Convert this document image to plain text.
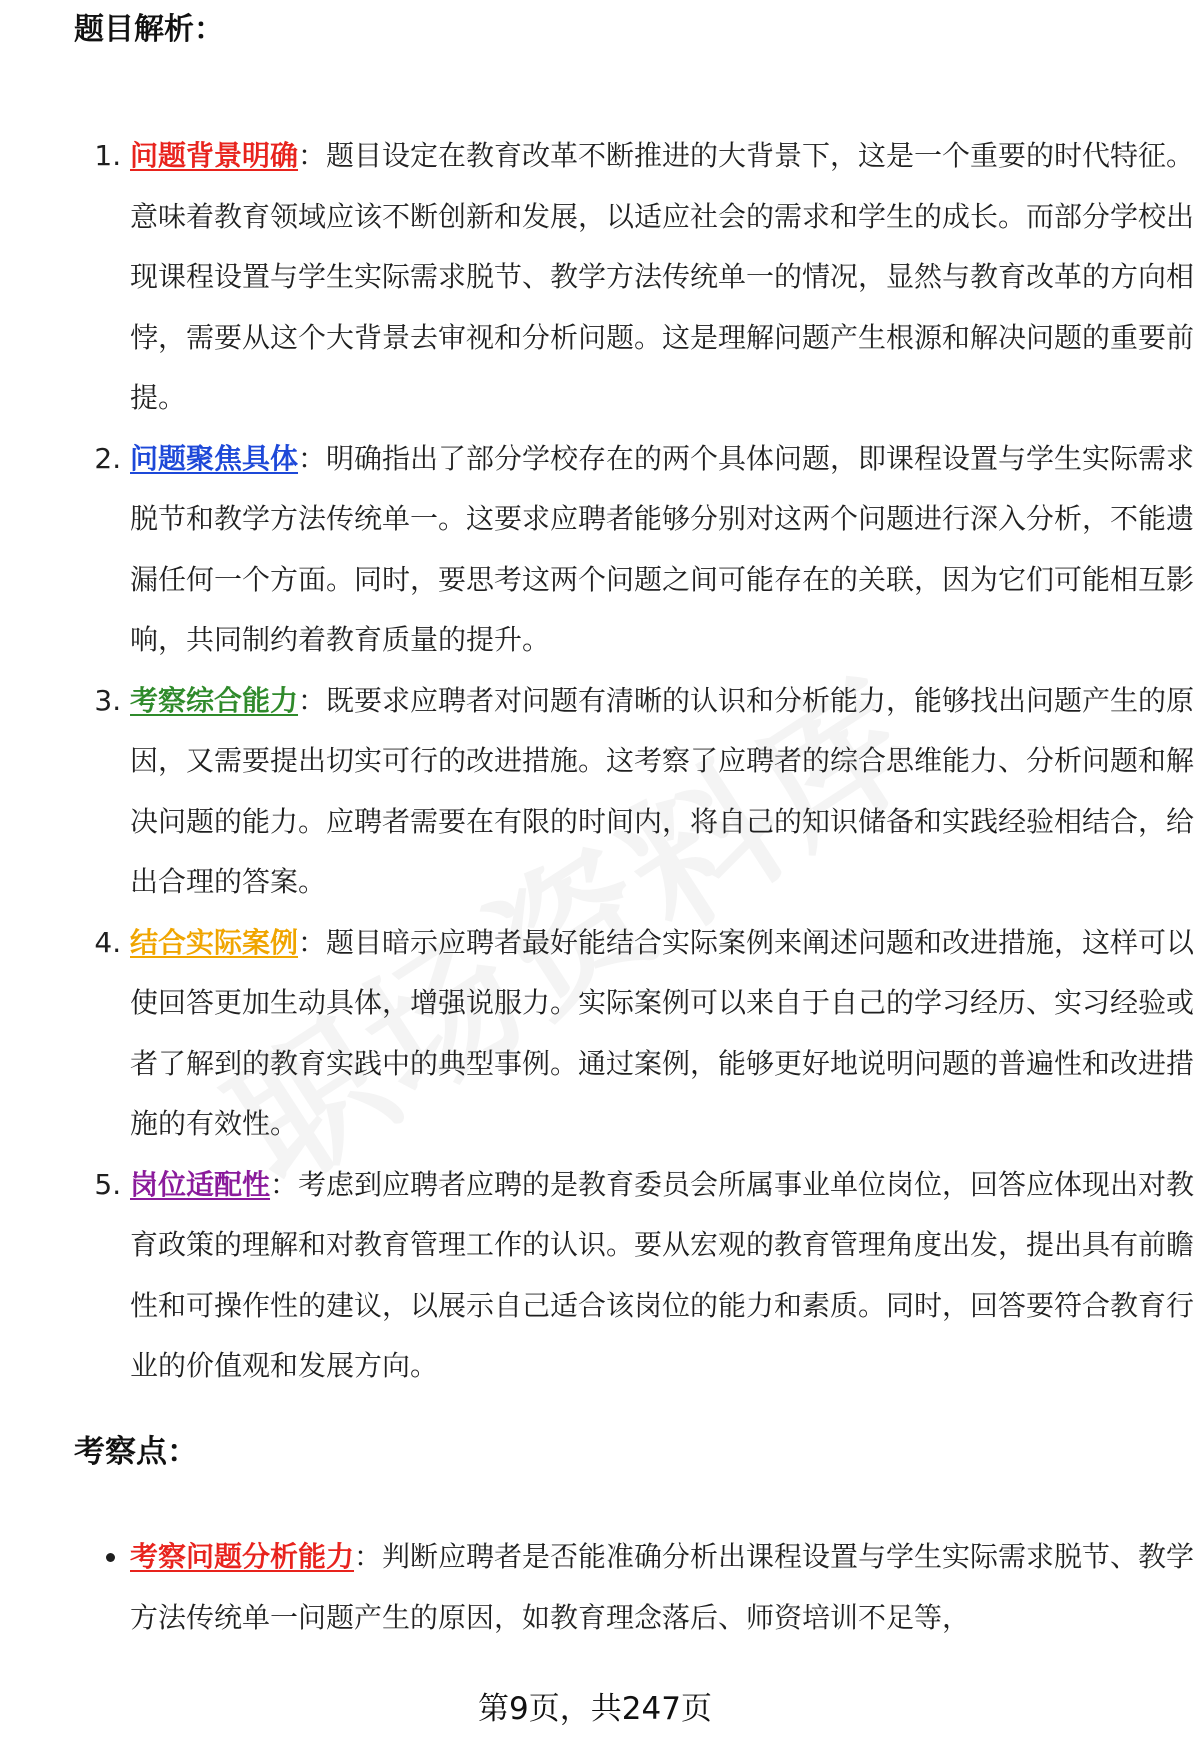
题目解析：
1. 问题背景明确：题目设定在教育改革不断推进的大背景下，这是一个重要的时代特征。意味着教育领域应该不断创新和发展，以适应社会的需求和学生的成长。而部分学校出现课程设置与学生实际需求脱节、教学方法传统单一的情况，显然与教育改革的方向相悖，需要从这个大背景去审视和分析问题。这是理解问题产生根源和解决问题的重要前提。
2. 问题聚焦具体：明确指出了部分学校存在的两个具体问题，即课程设置与学生实际需求脱节和教学方法传统单一。这要求应聘者能够分别对这两个问题进行深入分析，不能遗漏任何一个方面。同时，要思考这两个问题之间可能存在的关联，因为它们可能相互影响，共同制约着教育质量的提升。
3. 考察综合能力：既要求应聘者对问题有清晰的认识和分析能力，能够找出问题产生的原因，又需要提出切实可行的改进措施。这考察了应聘者的综合思维能力、分析问题和解决问题的能力。应聘者需要在有限的时间内，将自己的知识储备和实践经验相结合，给出合理的答案。
4. 结合实际案例：题目暗示应聘者最好能结合实际案例来阐述问题和改进措施，这样可以使回答更加生动具体，增强说服力。实际案例可以来自于自己的学习经历、实习经验或者了解到的教育实践中的典型事例。通过案例，能够更好地说明问题的普遍性和改进措施的有效性。
5. 岗位适配性：考虑到应聘者应聘的是教育委员会所属事业单位岗位，回答应体现出对教育政策的理解和对教育管理工作的认识。要从宏观的教育管理角度出发，提出具有前瞻性和可操作性的建议，以展示自己适合该岗位的能力和素质。同时，回答要符合教育行业的价值观和发展方向。
考察点：
• 考察问题分析能力：判断应聘者是否能准确分析出课程设置与学生实际需求脱节、教学方法传统单一问题产生的原因，如教育理念落后、师资培训不足等，
第9页，共247页
